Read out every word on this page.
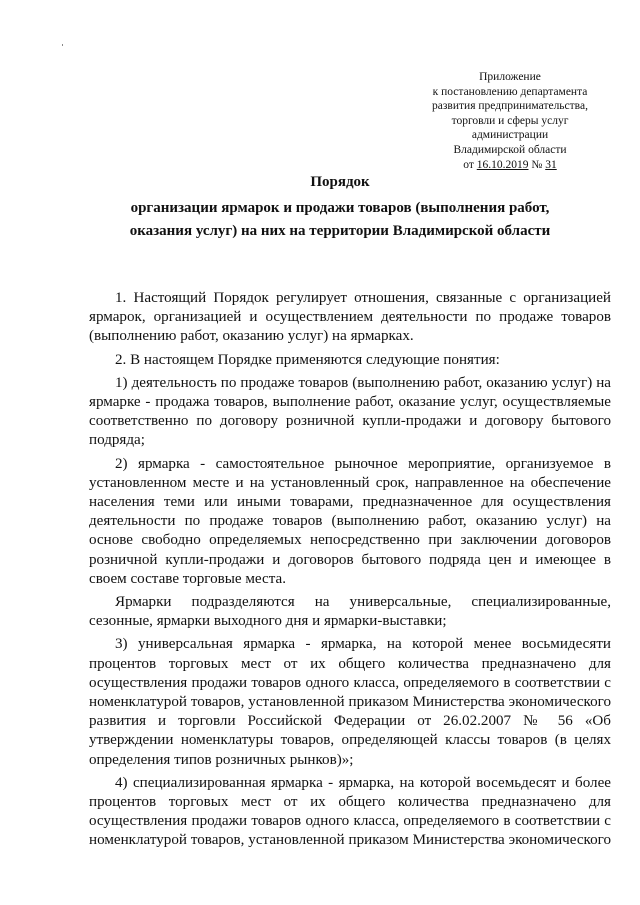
Приложение
к постановлению департамента
развития предпринимательства,
торговли и сферы услуг
администрации
Владимирской области
от 16.10.2019 № 31
Порядок
организации ярмарок и продажи товаров (выполнения работ,
оказания услуг) на них на территории Владимирской области

1. Настоящий Порядок регулирует отношения, связанные с организацией ярмарок, организацией и осуществлением деятельности по продаже товаров (выполнению работ, оказанию услуг) на ярмарках.

2. В настоящем Порядке применяются следующие понятия:

1) деятельность по продаже товаров (выполнению работ, оказанию услуг) на ярмарке - продажа товаров, выполнение работ, оказание услуг, осуществляемые соответственно по договору розничной купли-продажи и договору бытового подряда;

2) ярмарка - самостоятельное рыночное мероприятие, организуемое в установленном месте и на установленный срок, направленное на обеспечение населения теми или иными товарами, предназначенное для осуществления деятельности по продаже товаров (выполнению работ, оказанию услуг) на основе свободно определяемых непосредственно при заключении договоров розничной купли-продажи и договоров бытового подряда цен и имеющее в своем составе торговые места.

Ярмарки подразделяются на универсальные, специализированные, сезонные, ярмарки выходного дня и ярмарки-выставки;

3) универсальная ярмарка - ярмарка, на которой менее восьмидесяти процентов торговых мест от их общего количества предназначено для осуществления продажи товаров одного класса, определяемого в соответствии с номенклатурой товаров, установленной приказом Министерства экономического развития и торговли Российской Федерации от 26.02.2007 № 56 «Об утверждении номенклатуры товаров, определяющей классы товаров (в целях определения типов розничных рынков)»;

4) специализированная ярмарка - ярмарка, на которой восемьдесят и более процентов торговых мест от их общего количества предназначено для осуществления продажи товаров одного класса, определяемого в соответствии с номенклатурой товаров, установленной приказом Министерства экономического
